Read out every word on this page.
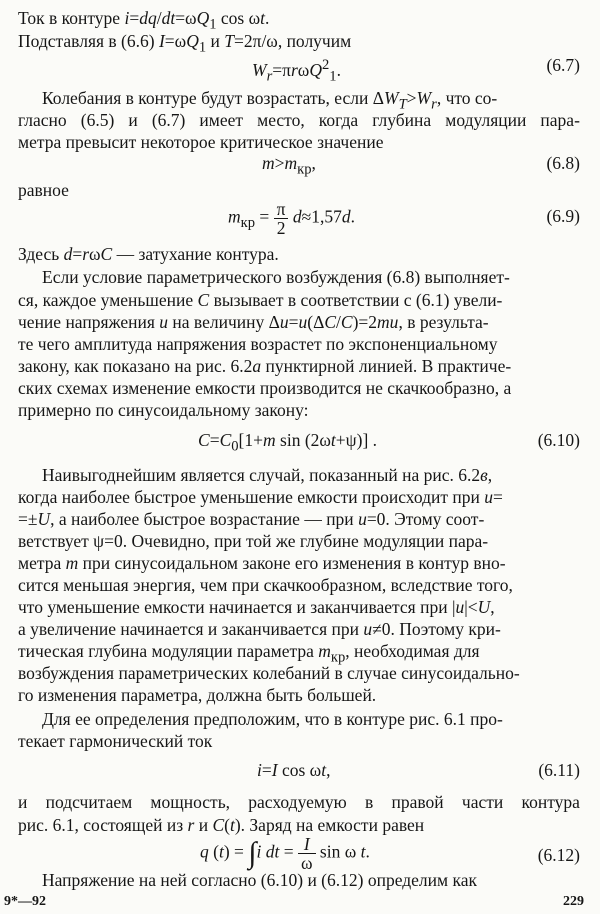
Ток в контуре $i=dq/dt=\omega Q_1$ cos ωt.
Подставляя в (6.6) $I=\omega Q_1$ и T=2π/ω, получим
$W_r=\pi r\omega Q^2_1$.	(6.7)
Колебания в контуре будут возрастать, если $\Delta W_T>W_r$, что со-
гласно (6.5) и (6.7) имеет место, когда глубина модуляции пара-
метра превысит некоторое критическое значение
$m>m_{кр}$,	(6.8)
равное
$m_{кр} = \frac{\pi}{2} d\approx 1,57d$.	(6.9)
Здесь d=rωC — затухание контура.
Если условие параметрического возбуждения (6.8) выполняет-
ся, каждое уменьшение C вызывает в соответствии с (6.1) увели-
чение напряжения u на величину Δu=u(ΔC/C)=2mu, в результа-
те чего амплитуда напряжения возрастет по экспоненциальному
закону, как показано на рис. 6.2а пунктирной линией. В практиче-
ских схемах изменение емкости производится не скачкообразно, а
примерно по синусоидальному закону:
$C=C_0[1+m$ sin (2ωt+ψ)] .	(6.10)
Наивыгоднейшим является случай, показанный на рис. 6.2в,
когда наиболее быстрое уменьшение емкости происходит при u=
=±U, а наиболее быстрое возрастание — при u=0. Этому соот-
ветствует ψ=0. Очевидно, при той же глубине модуляции пара-
метра m при синусоидальном законе его изменения в контур вно-
сится меньшая энергия, чем при скачкообразном, вследствие того,
что уменьшение емкости начинается и заканчивается при |u|<U,
а увеличение начинается и заканчивается при u≠0. Поэтому кри-
тическая глубина модуляции параметра $m_{кр}$, необходимая для
возбуждения параметрических колебаний в случае синусоидально-
го изменения параметра, должна быть большей.
Для ее определения предположим, что в контуре рис. 6.1 про-
текает гармонический ток
i=I cos ωt,	(6.11)
и подсчитаем мощность, расходуемую в правой части контура
рис. 6.1, состоящей из r и C(t). Заряд на емкости равен
q (t) = ∫i dt = $\frac{I}{\omega}$ sin ω t.	(6.12)
Напряжение на ней согласно (6.10) и (6.12) определим как
9*—92	229
